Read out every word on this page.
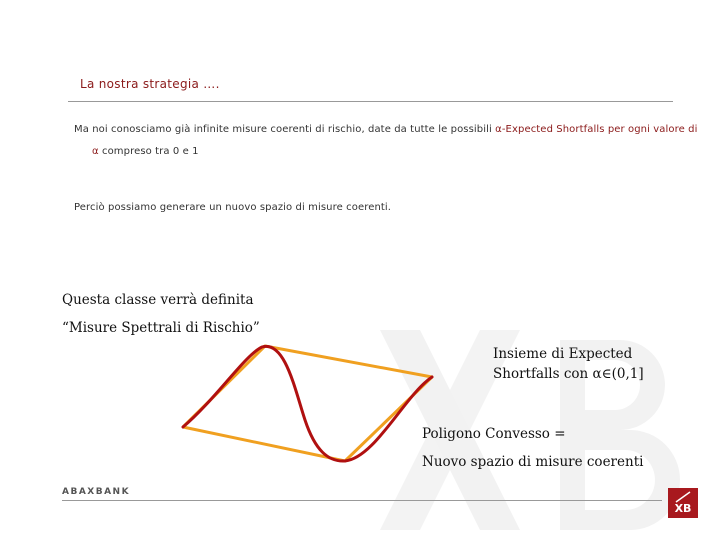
La nostra strategia ….
Ma noi conosciamo già infinite misure coerenti di rischio, date da tutte le possibili α-Expected Shortfalls per ogni valore di
α compreso tra 0 e 1
Perciò possiamo generare un nuovo spazio di misure coerenti.
Questa classe verrà definita
“Misure Spettrali di Rischio”
Insieme di Expected
Shortfalls con α∈(0,1]
Poligono Convesso =
Nuovo spazio di misure coerenti
ABAXBANK
XB
